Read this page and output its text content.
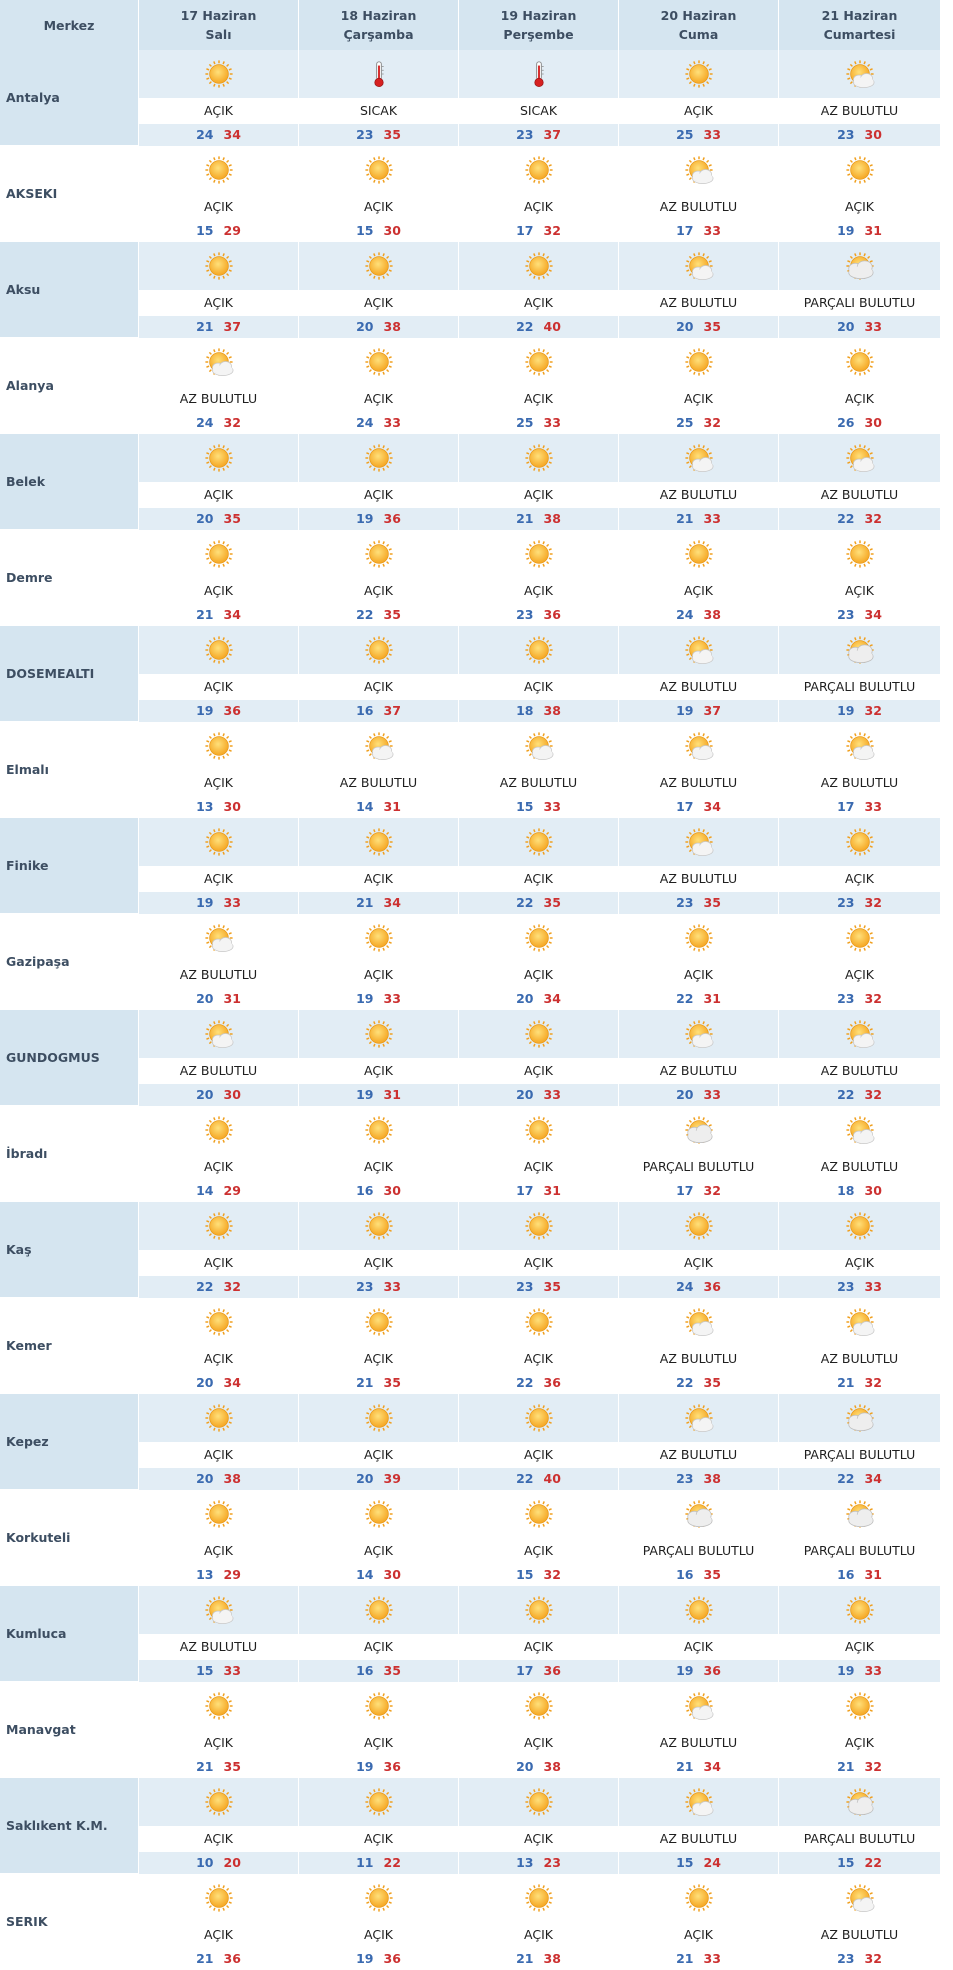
Merkez
17 Haziran
Salı
18 Haziran
Çarşamba
19 Haziran
Perşembe
20 Haziran
Cuma
21 Haziran
Cumartesi
Antalya
AÇIK	SICAK	SICAK	AÇIK	AZ BULUTLU
24 34	23 35	23 37	25 33	23 30
AKSEKI
AÇIK	AÇIK	AÇIK	AZ BULUTLU	AÇIK
15 29	15 30	17 32	17 33	19 31
Aksu
AÇIK	AÇIK	AÇIK	AZ BULUTLU	PARÇALI BULUTLU
21 37	20 38	22 40	20 35	20 33
Alanya
AZ BULUTLU	AÇIK	AÇIK	AÇIK	AÇIK
24 32	24 33	25 33	25 32	26 30
Belek
AÇIK	AÇIK	AÇIK	AZ BULUTLU	AZ BULUTLU
20 35	19 36	21 38	21 33	22 32
Demre
AÇIK	AÇIK	AÇIK	AÇIK	AÇIK
21 34	22 35	23 36	24 38	23 34
DOSEMEALTI
AÇIK	AÇIK	AÇIK	AZ BULUTLU	PARÇALI BULUTLU
19 36	16 37	18 38	19 37	19 32
Elmalı
AÇIK	AZ BULUTLU	AZ BULUTLU	AZ BULUTLU	AZ BULUTLU
13 30	14 31	15 33	17 34	17 33
Finike
AÇIK	AÇIK	AÇIK	AZ BULUTLU	AÇIK
19 33	21 34	22 35	23 35	23 32
Gazipaşa
AZ BULUTLU	AÇIK	AÇIK	AÇIK	AÇIK
20 31	19 33	20 34	22 31	23 32
GUNDOGMUS
AZ BULUTLU	AÇIK	AÇIK	AZ BULUTLU	AZ BULUTLU
20 30	19 31	20 33	20 33	22 32
İbradı
AÇIK	AÇIK	AÇIK	PARÇALI BULUTLU	AZ BULUTLU
14 29	16 30	17 31	17 32	18 30
Kaş
AÇIK	AÇIK	AÇIK	AÇIK	AÇIK
22 32	23 33	23 35	24 36	23 33
Kemer
AÇIK	AÇIK	AÇIK	AZ BULUTLU	AZ BULUTLU
20 34	21 35	22 36	22 35	21 32
Kepez
AÇIK	AÇIK	AÇIK	AZ BULUTLU	PARÇALI BULUTLU
20 38	20 39	22 40	23 38	22 34
Korkuteli
AÇIK	AÇIK	AÇIK	PARÇALI BULUTLU	PARÇALI BULUTLU
13 29	14 30	15 32	16 35	16 31
Kumluca
AZ BULUTLU	AÇIK	AÇIK	AÇIK	AÇIK
15 33	16 35	17 36	19 36	19 33
Manavgat
AÇIK	AÇIK	AÇIK	AZ BULUTLU	AÇIK
21 35	19 36	20 38	21 34	21 32
Saklıkent K.M.
AÇIK	AÇIK	AÇIK	AZ BULUTLU	PARÇALI BULUTLU
10 20	11 22	13 23	15 24	15 22
SERIK
AÇIK	AÇIK	AÇIK	AÇIK	AZ BULUTLU
21 36	19 36	21 38	21 33	23 32
